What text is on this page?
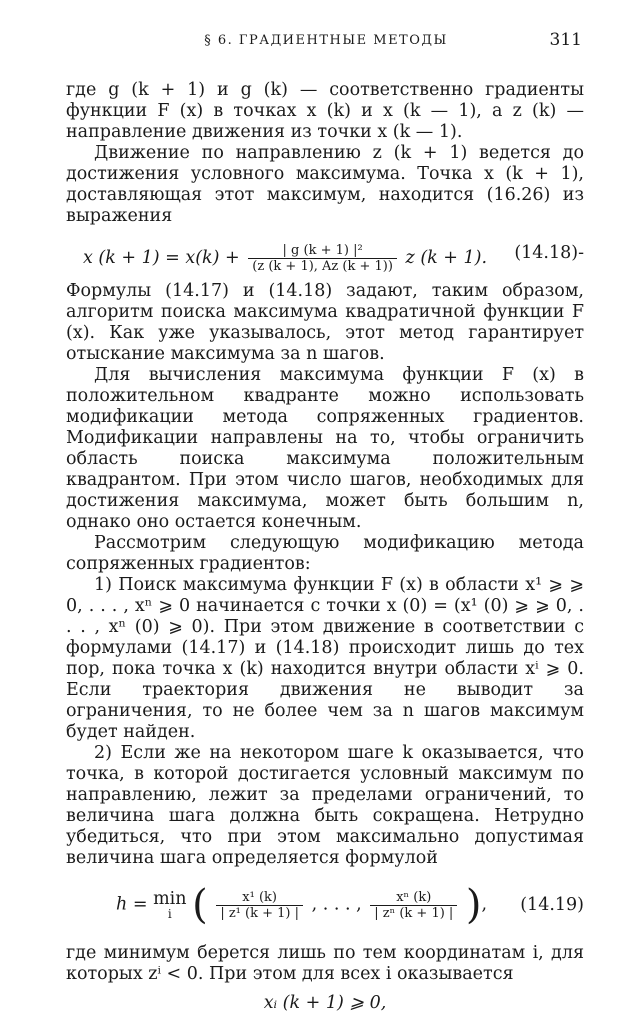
§ 6. ГРАДИЕНТНЫЕ МЕТОДЫ	311

где g (k + 1) и g (k) — соответственно градиенты функции F (x) в точках x (k) и x (k — 1), а z (k) — направление движения из точки x (k — 1).

Движение по направлению z (k + 1) ведется до достижения условного максимума. Точка x (k + 1), доставляющая этот максимум, находится (16.26) из выражения

x $(k + 1) = x(k) + \frac{\text{| g (k + 1) |²}}{(z (k + 1), Az (k + 1))}$ z (k + 1).	(14.18)-

Формулы (14.17) и (14.18) задают, таким образом, алгоритм поиска максимума квадратичной функции F (x). Как уже указывалось, этот метод гарантирует отыскание максимума за n шагов.

Для вычисления максимума функции F (x) в положительном квадранте можно использовать модификации метода сопряженных градиентов. Модификации направлены на то, чтобы ограничить область поиска максимума положительным квадрантом. При этом число шагов, необходимых для достижения максимума, может быть большим n, однако оно остается конечным.

Рассмотрим следующую модификацию метода сопряженных градиентов:

1) Поиск максимума функции F (x) в области x¹ ⩾ ⩾ 0, . . . , xⁿ ⩾ 0 начинается с точки x (0) = (x¹ (0) ⩾ ⩾ 0, . . . , xⁿ (0) ⩾ 0). При этом движение в соответствии с формулами (14.17) и (14.18) происходит лишь до тех пор, пока точка x (k) находится внутри области xⁱ ⩾ 0. Если траектория движения не выводит за ограничения, то не более чем за n шагов максимум будет найден.

2) Если же на некотором шаге k оказывается, что точка, в которой достигается условный максимум по направлению, лежит за пределами ограничений, то величина шага должна быть сокращена. Нетрудно убедиться, что при этом максимально допустимая величина шага определяется формулой

h = min
i ( $\frac{\text{x¹ (k)}}{\text{| z¹ (k + 1) |}}$ , . . . , $\frac{\text{xⁿ (k)}}{\text{| zⁿ (k + 1) |}}$ ), (14.19)

где минимум берется лишь по тем координатам i, для которых zⁱ < 0. При этом для всех i оказывается

xᵢ (k + 1) ⩾ 0,
